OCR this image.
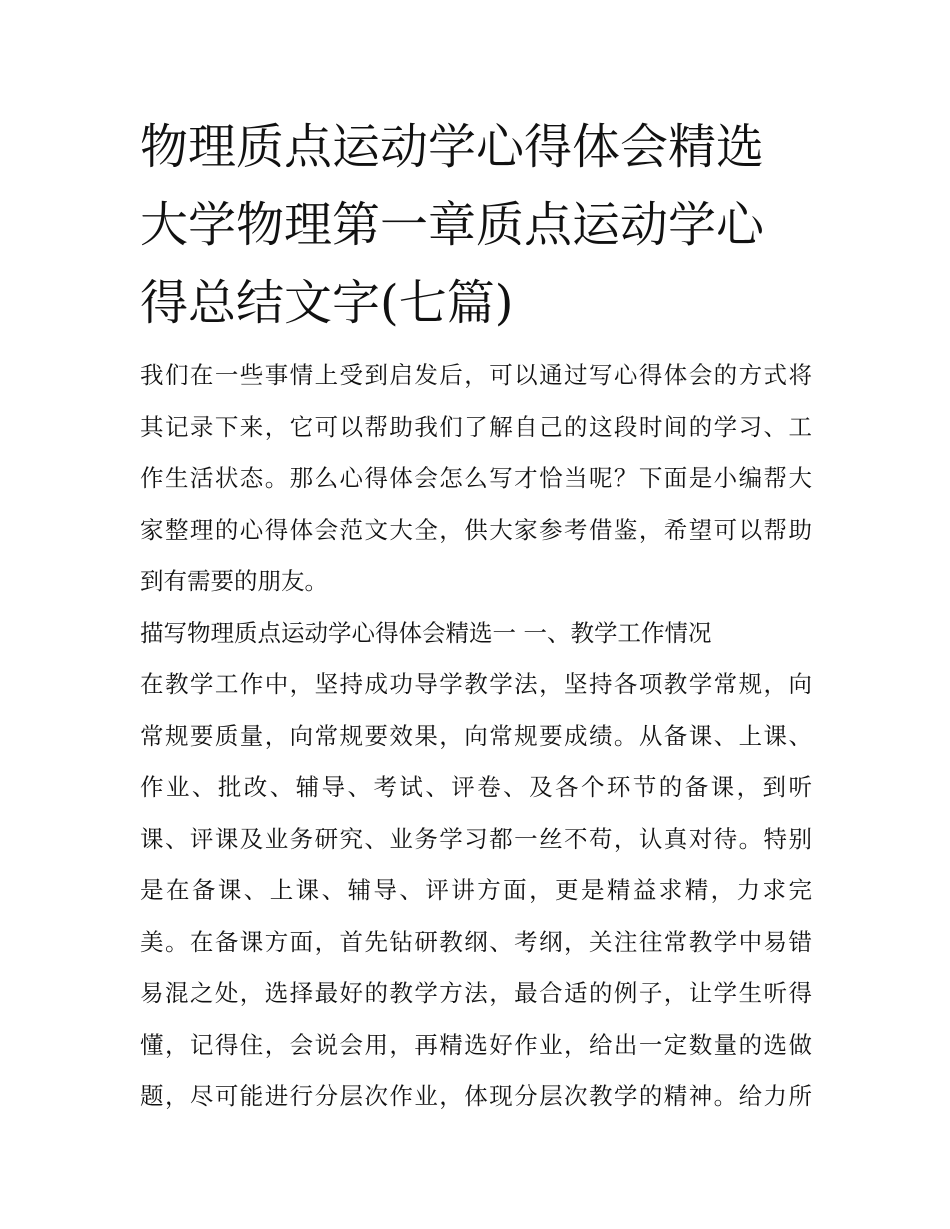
物理质点运动学心得体会精选
大学物理第一章质点运动学心
得总结文字(七篇)

我们在一些事情上受到启发后，可以通过写心得体会的方式将
其记录下来，它可以帮助我们了解自己的这段时间的学习、工
作生活状态。那么心得体会怎么写才恰当呢？下面是小编帮大
家整理的心得体会范文大全，供大家参考借鉴，希望可以帮助
到有需要的朋友。

描写物理质点运动学心得体会精选一 一、教学工作情况

在教学工作中，坚持成功导学教学法，坚持各项教学常规，向
常规要质量，向常规要效果，向常规要成绩。从备课、上课、
作业、批改、辅导、考试、评卷、及各个环节的备课，到听
课、评课及业务研究、业务学习都一丝不苟，认真对待。特别
是在备课、上课、辅导、评讲方面，更是精益求精，力求完
美。在备课方面，首先钻研教纲、考纲，关注往常教学中易错
易混之处，选择最好的教学方法，最合适的例子，让学生听得
懂，记得住，会说会用，再精选好作业，给出一定数量的选做
题，尽可能进行分层次作业，体现分层次教学的精神。给力所
